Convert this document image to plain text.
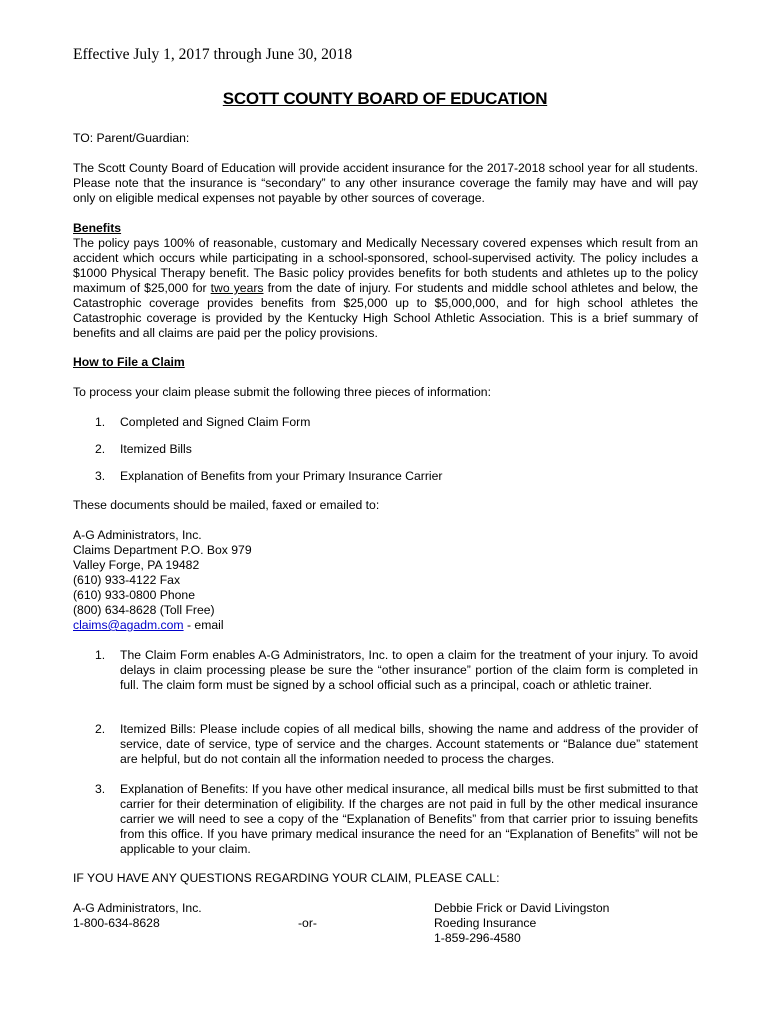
Effective July 1, 2017 through June 30, 2018
SCOTT COUNTY BOARD OF EDUCATION
TO: Parent/Guardian:
The Scott County Board of Education will provide accident insurance for the 2017-2018 school year for all students. Please note that the insurance is “secondary” to any other insurance coverage the family may have and will pay only on eligible medical expenses not payable by other sources of coverage.
Benefits
The policy pays 100% of reasonable, customary and Medically Necessary covered expenses which result from an accident which occurs while participating in a school-sponsored, school-supervised activity. The policy includes a $1000 Physical Therapy benefit. The Basic policy provides benefits for both students and athletes up to the policy maximum of $25,000 for two years from the date of injury. For students and middle school athletes and below, the Catastrophic coverage provides benefits from $25,000 up to $5,000,000, and for high school athletes the Catastrophic coverage is provided by the Kentucky High School Athletic Association. This is a brief summary of benefits and all claims are paid per the policy provisions.
How to File a Claim
To process your claim please submit the following three pieces of information:
1. Completed and Signed Claim Form
2. Itemized Bills
3. Explanation of Benefits from your Primary Insurance Carrier
These documents should be mailed, faxed or emailed to:
A-G Administrators, Inc.
Claims Department P.O. Box 979
Valley Forge, PA 19482
(610) 933-4122 Fax
(610) 933-0800 Phone
(800) 634-8628 (Toll Free)
claims@agadm.com - email
1. The Claim Form enables A-G Administrators, Inc. to open a claim for the treatment of your injury. To avoid delays in claim processing please be sure the “other insurance” portion of the claim form is completed in full. The claim form must be signed by a school official such as a principal, coach or athletic trainer.
2. Itemized Bills: Please include copies of all medical bills, showing the name and address of the provider of service, date of service, type of service and the charges. Account statements or “Balance due” statement are helpful, but do not contain all the information needed to process the charges.
3. Explanation of Benefits: If you have other medical insurance, all medical bills must be first submitted to that carrier for their determination of eligibility. If the charges are not paid in full by the other medical insurance carrier we will need to see a copy of the “Explanation of Benefits” from that carrier prior to issuing benefits from this office. If you have primary medical insurance the need for an “Explanation of Benefits” will not be applicable to your claim.
IF YOU HAVE ANY QUESTIONS REGARDING YOUR CLAIM, PLEASE CALL:
A-G Administrators, Inc.
1-800-634-8628	-or-
Debbie Frick or David Livingston
Roeding Insurance
1-859-296-4580
